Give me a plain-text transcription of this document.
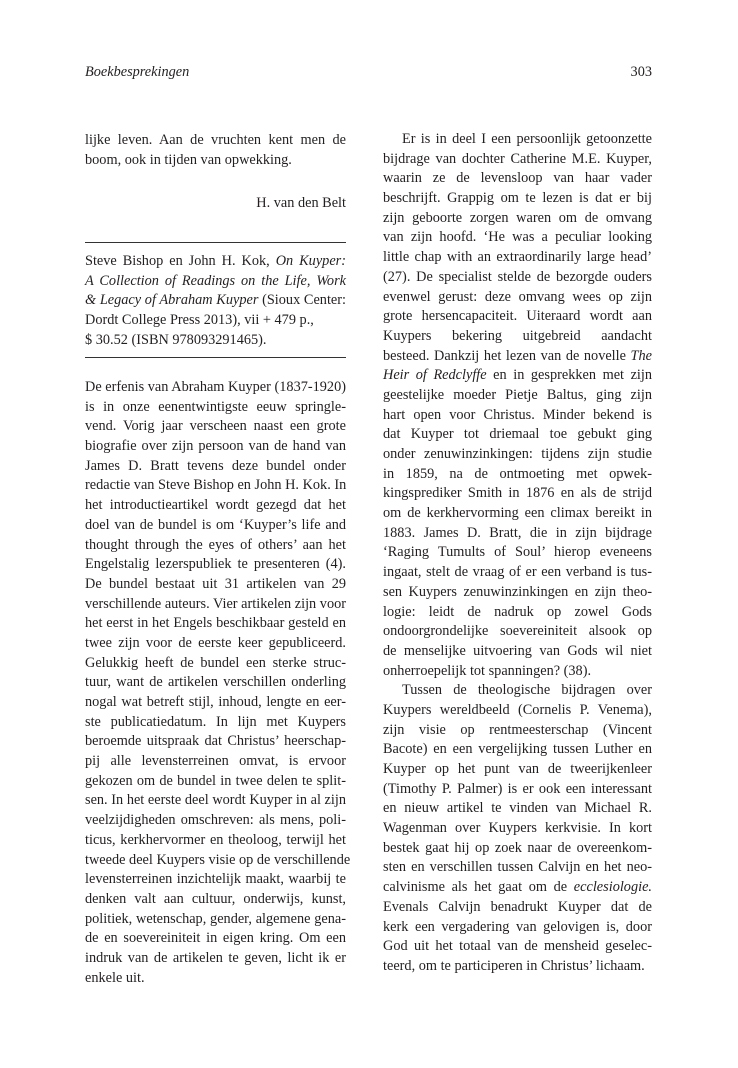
Boekbesprekingen	303
lijke leven. Aan de vruchten kent men de
boom, ook in tijden van opwekking.
H. van den Belt
Steve Bishop en John H. Kok, On Kuyper:
A Collection of Readings on the Life, Work
& Legacy of Abraham Kuyper (Sioux Center:
Dordt College Press 2013), vii + 479 p.,
$ 30.52 (ISBN 978093291465).
De erfenis van Abraham Kuyper (1837-1920)
is in onze eenentwintigste eeuw springle-
vend. Vorig jaar verscheen naast een grote
biografie over zijn persoon van de hand van
James D. Bratt tevens deze bundel onder
redactie van Steve Bishop en John H. Kok. In
het introductieartikel wordt gezegd dat het
doel van de bundel is om ‘Kuyper’s life and
thought through the eyes of others’ aan het
Engelstalig lezerspubliek te presenteren (4).
De bundel bestaat uit 31 artikelen van 29
verschillende auteurs. Vier artikelen zijn voor
het eerst in het Engels beschikbaar gesteld en
twee zijn voor de eerste keer gepubliceerd.
Gelukkig heeft de bundel een sterke struc-
tuur, want de artikelen verschillen onderling
nogal wat betreft stijl, inhoud, lengte en eer-
ste publicatiedatum. In lijn met Kuypers
beroemde uitspraak dat Christus’ heerschap-
pij alle levensterreinen omvat, is ervoor
gekozen om de bundel in twee delen te split-
sen. In het eerste deel wordt Kuyper in al zijn
veelzijdigheden omschreven: als mens, poli-
ticus, kerkhervormer en theoloog, terwijl het
tweede deel Kuypers visie op de verschillende
levensterreinen inzichtelijk maakt, waarbij te
denken valt aan cultuur, onderwijs, kunst,
politiek, wetenschap, gender, algemene gena-
de en soevereiniteit in eigen kring. Om een
indruk van de artikelen te geven, licht ik er
enkele uit.
Er is in deel I een persoonlijk getoonzette
bijdrage van dochter Catherine M.E. Kuyper,
waarin ze de levensloop van haar vader
beschrijft. Grappig om te lezen is dat er bij
zijn geboorte zorgen waren om de omvang
van zijn hoofd. ‘He was a peculiar looking
little chap with an extraordinarily large head’
(27). De specialist stelde de bezorgde ouders
evenwel gerust: deze omvang wees op zijn
grote hersencapaciteit. Uiteraard wordt aan
Kuypers bekering uitgebreid aandacht
besteed. Dankzij het lezen van de novelle The
Heir of Redclyffe en in gesprekken met zijn
geestelijke moeder Pietje Baltus, ging zijn
hart open voor Christus. Minder bekend is
dat Kuyper tot driemaal toe gebukt ging
onder zenuwinzinkingen: tijdens zijn studie
in 1859, na de ontmoeting met opwek-
kingsprediker Smith in 1876 en als de strijd
om de kerkhervorming een climax bereikt in
1883. James D. Bratt, die in zijn bijdrage
‘Raging Tumults of Soul’ hierop eveneens
ingaat, stelt de vraag of er een verband is tus-
sen Kuypers zenuwinzinkingen en zijn theo-
logie: leidt de nadruk op zowel Gods
ondoorgrondelijke soevereiniteit alsook op
de menselijke uitvoering van Gods wil niet
onherroepelijk tot spanningen? (38).
Tussen de theologische bijdragen over
Kuypers wereldbeeld (Cornelis P. Venema),
zijn visie op rentmeesterschap (Vincent
Bacote) en een vergelijking tussen Luther en
Kuyper op het punt van de tweerijkenleer
(Timothy P. Palmer) is er ook een interessant
en nieuw artikel te vinden van Michael R.
Wagenman over Kuypers kerkvisie. In kort
bestek gaat hij op zoek naar de overeenkom-
sten en verschillen tussen Calvijn en het neo-
calvinisme als het gaat om de ecclesiologie.
Evenals Calvijn benadrukt Kuyper dat de
kerk een vergadering van gelovigen is, door
God uit het totaal van de mensheid geselec-
teerd, om te participeren in Christus’ lichaam.
